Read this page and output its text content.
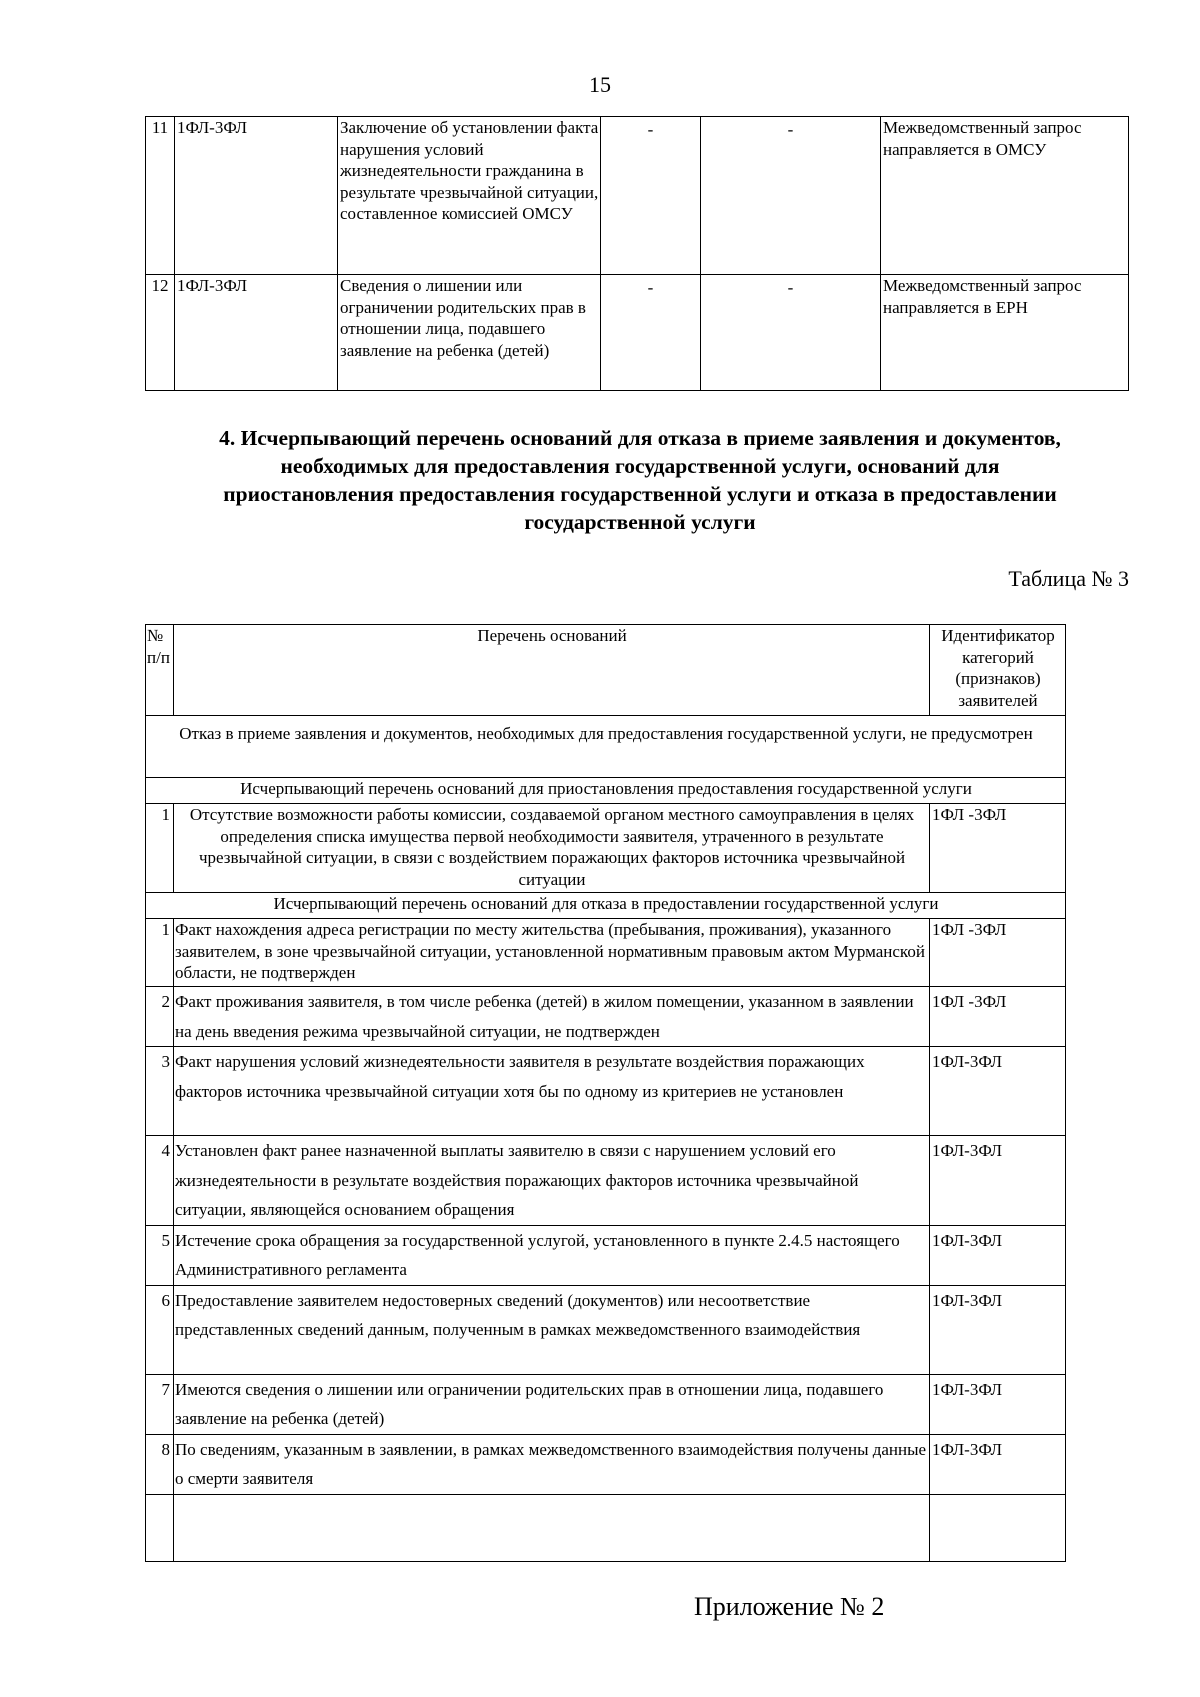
15
11	1ФЛ-3ФЛ	Заключение об установлении факта нарушения условий жизнедеятельности гражданина в результате чрезвычайной ситуации, составленное комиссией ОМСУ	-	-	Межведомственный запрос направляется в ОМСУ
12	1ФЛ-3ФЛ	Сведения о лишении или ограничении родительских прав в отношении лица, подавшего заявление на ребенка (детей)	-	-	Межведомственный запрос направляется в ЕРН
4. Исчерпывающий перечень оснований для отказа в приеме заявления и документов, необходимых для предоставления государственной услуги, оснований для приостановления предоставления государственной услуги и отказа в предоставлении государственной услуги
Таблица № 3
№ п/п	Перечень оснований	Идентификатор категорий (признаков) заявителей
Отказ в приеме заявления и документов, необходимых для предоставления государственной услуги, не предусмотрен		
Исчерпывающий перечень оснований для приостановления предоставления государственной услуги		
1	Отсутствие возможности работы комиссии, создаваемой органом местного самоуправления в целях определения списка имущества первой необходимости заявителя, утраченного в результате чрезвычайной ситуации, в связи с воздействием поражающих факторов источника чрезвычайной ситуации	1ФЛ -3ФЛ
Исчерпывающий перечень оснований для отказа в предоставлении государственной услуги		
1	Факт нахождения адреса регистрации по месту жительства (пребывания, проживания), указанного заявителем, в зоне чрезвычайной ситуации, установленной нормативным правовым актом Мурманской области, не подтвержден	1ФЛ -3ФЛ
2	Факт проживания заявителя, в том числе ребенка (детей) в жилом помещении, указанном в заявлении на день введения режима чрезвычайной ситуации, не подтвержден	1ФЛ -3ФЛ
3	Факт нарушения условий жизнедеятельности заявителя в результате воздействия поражающих факторов источника чрезвычайной ситуации хотя бы по одному из критериев не установлен	1ФЛ-3ФЛ
4	Установлен факт ранее назначенной выплаты заявителю в связи с нарушением условий его жизнедеятельности в результате воздействия поражающих факторов источника чрезвычайной ситуации, являющейся основанием обращения	1ФЛ-3ФЛ
5	Истечение срока обращения за государственной услугой, установленного в пункте 2.4.5 настоящего Административного регламента	1ФЛ-3ФЛ
6	Предоставление заявителем недостоверных сведений (документов) или несоответствие представленных сведений данным, полученным в рамках межведомственного взаимодействия	1ФЛ-3ФЛ
7	Имеются сведения о лишении или ограничении родительских прав в отношении лица, подавшего заявление на ребенка (детей)	1ФЛ-3ФЛ
8	По сведениям, указанным в заявлении, в рамках межведомственного взаимодействия получены данные о смерти заявителя	1ФЛ-3ФЛ

Приложение № 2
